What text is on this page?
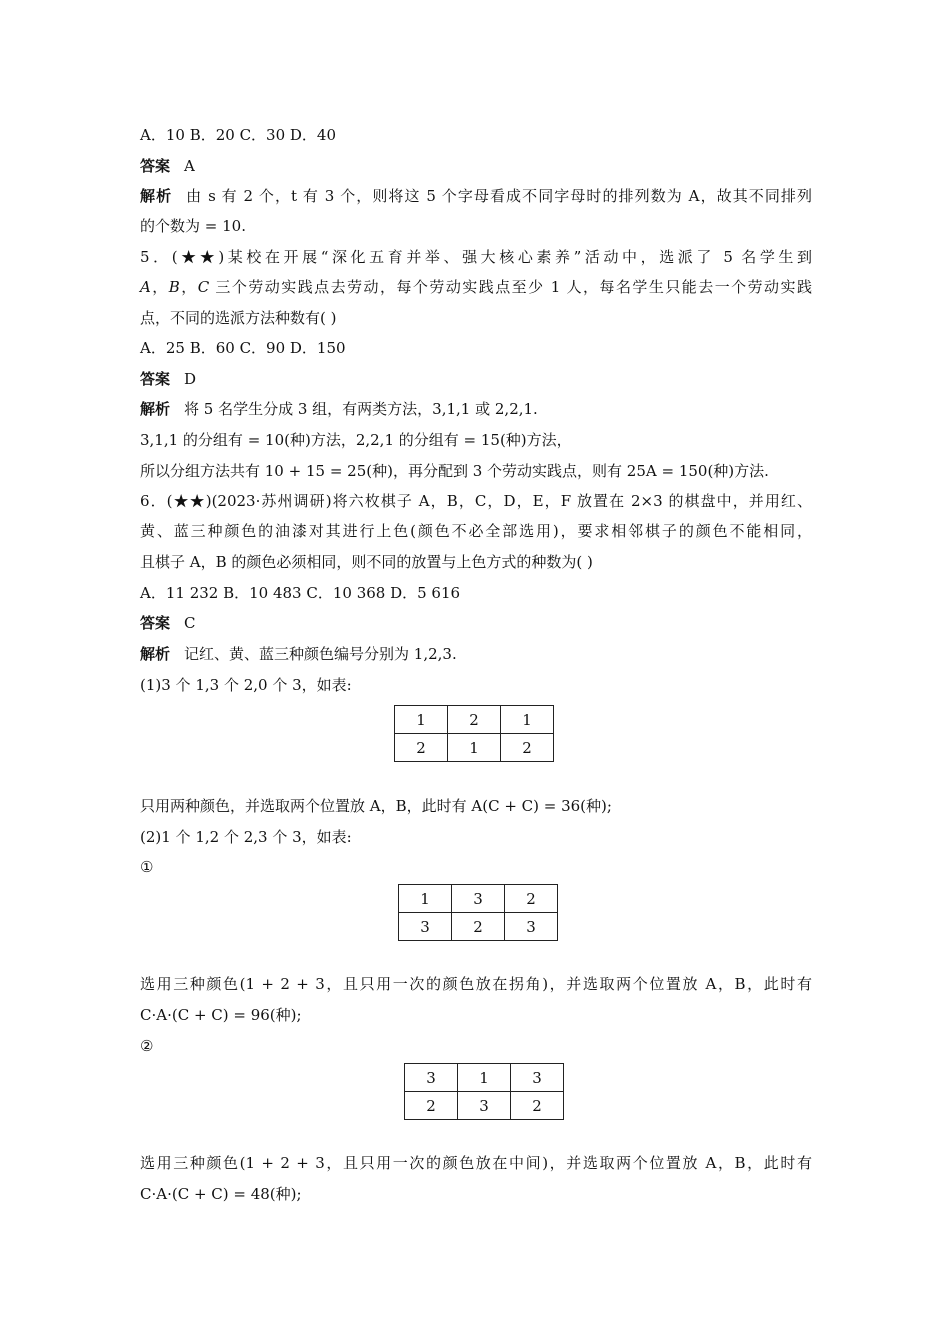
A．10 B．20 C．30 D．40
答案 A
解析 由 s 有 2 个，t 有 3 个，则将这 5 个字母看成不同字母时的排列数为 A，故其不同排列
的个数为 = 10.
5．(★★)某校在开展“深化五育并举、强大核心素养”活动中，选派了 5 名学生到
A，B，C 三个劳动实践点去劳动，每个劳动实践点至少 1 人，每名学生只能去一个劳动实践
点，不同的选派方法种数有( )
A．25 B．60 C．90 D．150
答案 D
解析 将 5 名学生分成 3 组，有两类方法，3,1,1 或 2,2,1.
3,1,1 的分组有 = 10(种)方法，2,2,1 的分组有 = 15(种)方法，
所以分组方法共有 10 + 15 = 25(种)，再分配到 3 个劳动实践点，则有 25A = 150(种)方法.
6．(★★)(2023·苏州调研)将六枚棋子 A，B，C，D，E，F 放置在 2×3 的棋盘中，并用红、
黄、蓝三种颜色的油漆对其进行上色(颜色不必全部选用)，要求相邻棋子的颜色不能相同，
且棋子 A，B 的颜色必须相同，则不同的放置与上色方式的种数为( )
A．11 232 B．10 483 C．10 368 D．5 616
答案 C
解析 记红、黄、蓝三种颜色编号分别为 1,2,3.
(1)3 个 1,3 个 2,0 个 3，如表:
1	2	1
2	1	2
只用两种颜色，并选取两个位置放 A，B，此时有 A(C + C) = 36(种);
(2)1 个 1,2 个 2,3 个 3，如表:
①
1	3	2
3	2	3
选用三种颜色(1 + 2 + 3，且只用一次的颜色放在拐角)，并选取两个位置放 A，B，此时有
C·A·(C + C) = 96(种);
②
3	1	3
2	3	2
选用三种颜色(1 + 2 + 3，且只用一次的颜色放在中间)，并选取两个位置放 A，B，此时有
C·A·(C + C) = 48(种);
